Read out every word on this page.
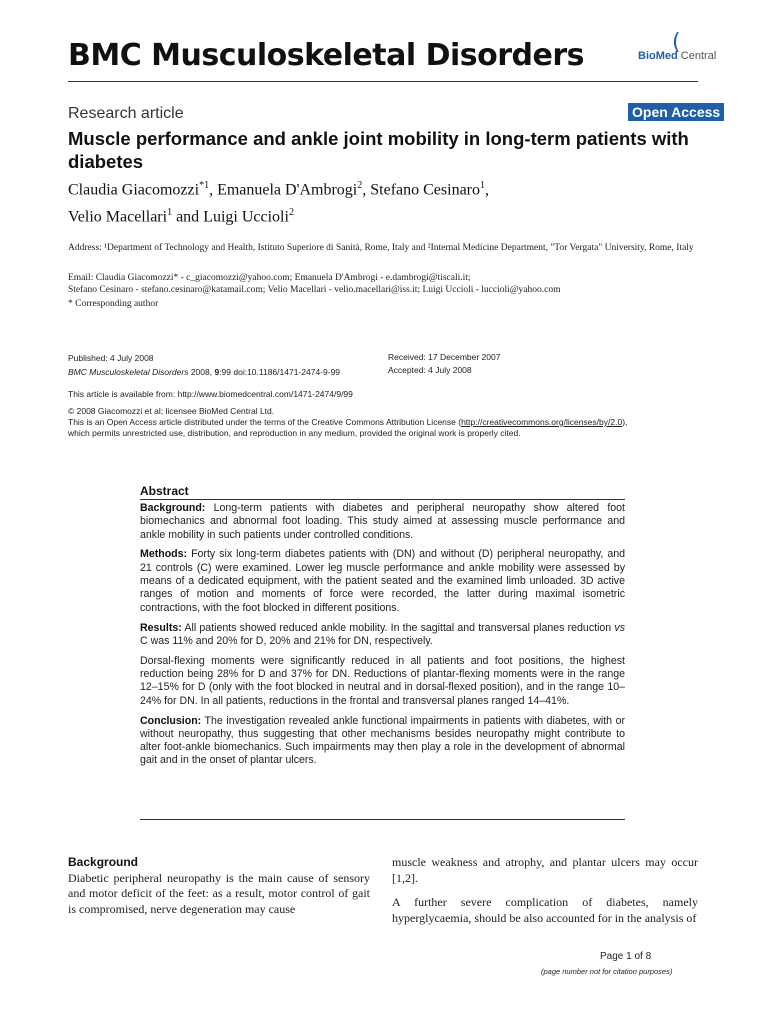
BMC Musculoskeletal Disorders	(
BioMed Central
Research article	Open Access
Muscle performance and ankle joint mobility in long-term patients with diabetes
Claudia Giacomozzi$^{*1}$, Emanuela D'Ambrogi$^2$, Stefano Cesinaro$^1$,
Velio Macellari$^1$ and Luigi Uccioli$^2$
Address: ¹Department of Technology and Health, Istituto Superiore di Sanità, Rome, Italy and ²Internal Medicine Department, "Tor Vergata" University, Rome, Italy
Email: Claudia Giacomozzi* - c_giacomozzi@yahoo.com; Emanuela D'Ambrogi - e.dambrogi@tiscali.it;
Stefano Cesinaro - stefano.cesinaro@katamail.com; Velio Macellari - velio.macellari@iss.it; Luigi Uccioli - luccioli@yahoo.com
* Corresponding author
Published: 4 July 2008
BMC Musculoskeletal Disorders 2008, 9:99 doi:10.1186/1471-2474-9-99
Received: 17 December 2007
Accepted: 4 July 2008
This article is available from: http://www.biomedcentral.com/1471-2474/9/99
© 2008 Giacomozzi et al; licensee BioMed Central Ltd.
This is an Open Access article distributed under the terms of the Creative Commons Attribution License (http://creativecommons.org/licenses/by/2.0),
which permits unrestricted use, distribution, and reproduction in any medium, provided the original work is properly cited.
Abstract

Background: Long-term patients with diabetes and peripheral neuropathy show altered foot biomechanics and abnormal foot loading. This study aimed at assessing muscle performance and ankle mobility in such patients under controlled conditions.

Methods: Forty six long-term diabetes patients with (DN) and without (D) peripheral neuropathy, and 21 controls (C) were examined. Lower leg muscle performance and ankle mobility were assessed by means of a dedicated equipment, with the patient seated and the examined limb unloaded. 3D active ranges of motion and moments of force were recorded, the latter during maximal isometric contractions, with the foot blocked in different positions.

Results: All patients showed reduced ankle mobility. In the sagittal and transversal planes reduction vs C was 11% and 20% for D, 20% and 21% for DN, respectively.

Dorsal-flexing moments were significantly reduced in all patients and foot positions, the highest reduction being 28% for D and 37% for DN. Reductions of plantar-flexing moments were in the range 12–15% for D (only with the foot blocked in neutral and in dorsal-flexed position), and in the range 10–24% for DN. In all patients, reductions in the frontal and transversal planes ranged 14–41%.

Conclusion: The investigation revealed ankle functional impairments in patients with diabetes, with or without neuropathy, thus suggesting that other mechanisms besides neuropathy might contribute to alter foot-ankle biomechanics. Such impairments may then play a role in the development of abnormal gait and in the onset of plantar ulcers.

Background
Diabetic peripheral neuropathy is the main cause of sensory and motor deficit of the feet: as a result, motor control of gait is compromised, nerve degeneration may cause

muscle weakness and atrophy, and plantar ulcers may occur [1,2].

A further severe complication of diabetes, namely hyperglycaemia, should be also accounted for in the analysis of

Page 1 of 8
(page number not for citation purposes)
